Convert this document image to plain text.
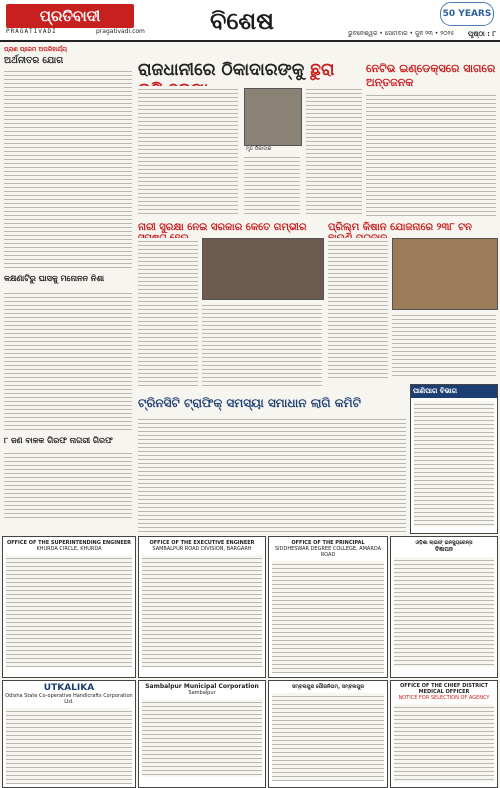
ପ୍ରତିବାଦୀ
PRAGATIVADI	pragativadi.com	ବିଶେଷ	50 YEARS
ଭୁବନେଶ୍ୱର • ସୋମବାର • ଜୁନ ୨୩ • ୨୦୨୫ ପୃଷ୍ଠା : ୮
ପ୍ରାଣ ପ୍ରେମ ଅପରିହାର୍ଯ୍ୟ
ଅର୍ଥନୀତର ଯୋଗ
କକ୍ଷଣାଟିରୁ ଘାସକୁ ମନୋନନ ନିଶା
୮ ଜଣ ବାଳକ ଗିରଫ ନାଗରୀ ଗିରଫ
ରାଜଧାନୀରେ ଠିକାଦାରଙ୍କୁ ଛୁରା
ମୃତ ଠିକାଦାର
ନେଟିଭ ଇଣ୍ଡେକ୍ସରେ ସାଗରେ ଅନ୍ତଜନକ
ନାରୀ ସୁରକ୍ଷା ନେଇ ସରକାର କେତେ ଗମ୍ଭୀର	ପ୍ରିଲ୍ମ କିଷାନ ଯୋଜନାରେ ୨୩୮ ଟନ
ପାଣିପାଗ ବିଭାଗ
ଟ୍ରିନସିଟି ଟ୍ରାଫିକ୍ ସମସ୍ୟା ସମାଧାନ ଲାଗି କମିଟି
OFFICE OF THE SUPERINTENDING ENGINEER
KHURDA CIRCLE, KHURDA
OFFICE OF THE EXECUTIVE ENGINEER
SAMBALPUR ROAD DIVISION, BARGARH
OFFICE OF THE PRINCIPAL
SIDDHESWAR DEGREE COLLEGE, AMARDA ROAD
ଓଡ଼ିଶା ଲାଇଫ୍ ଇନସ୍ୟୁରେନ୍ସ
ବିଜ୍ଞାପନ
UTKALIKA
Odisha State Co-operative Handicrafts Corporation Ltd.
Sambalpur Municipal Corporation
Sambalpur
ସମ୍ବଲପୁର ପୌରନିଗମ, ସମ୍ବଲପୁର	OFFICE OF THE CHIEF DISTRICT MEDICAL OFFICER
NOTICE FOR SELECTION OF AGENCY
